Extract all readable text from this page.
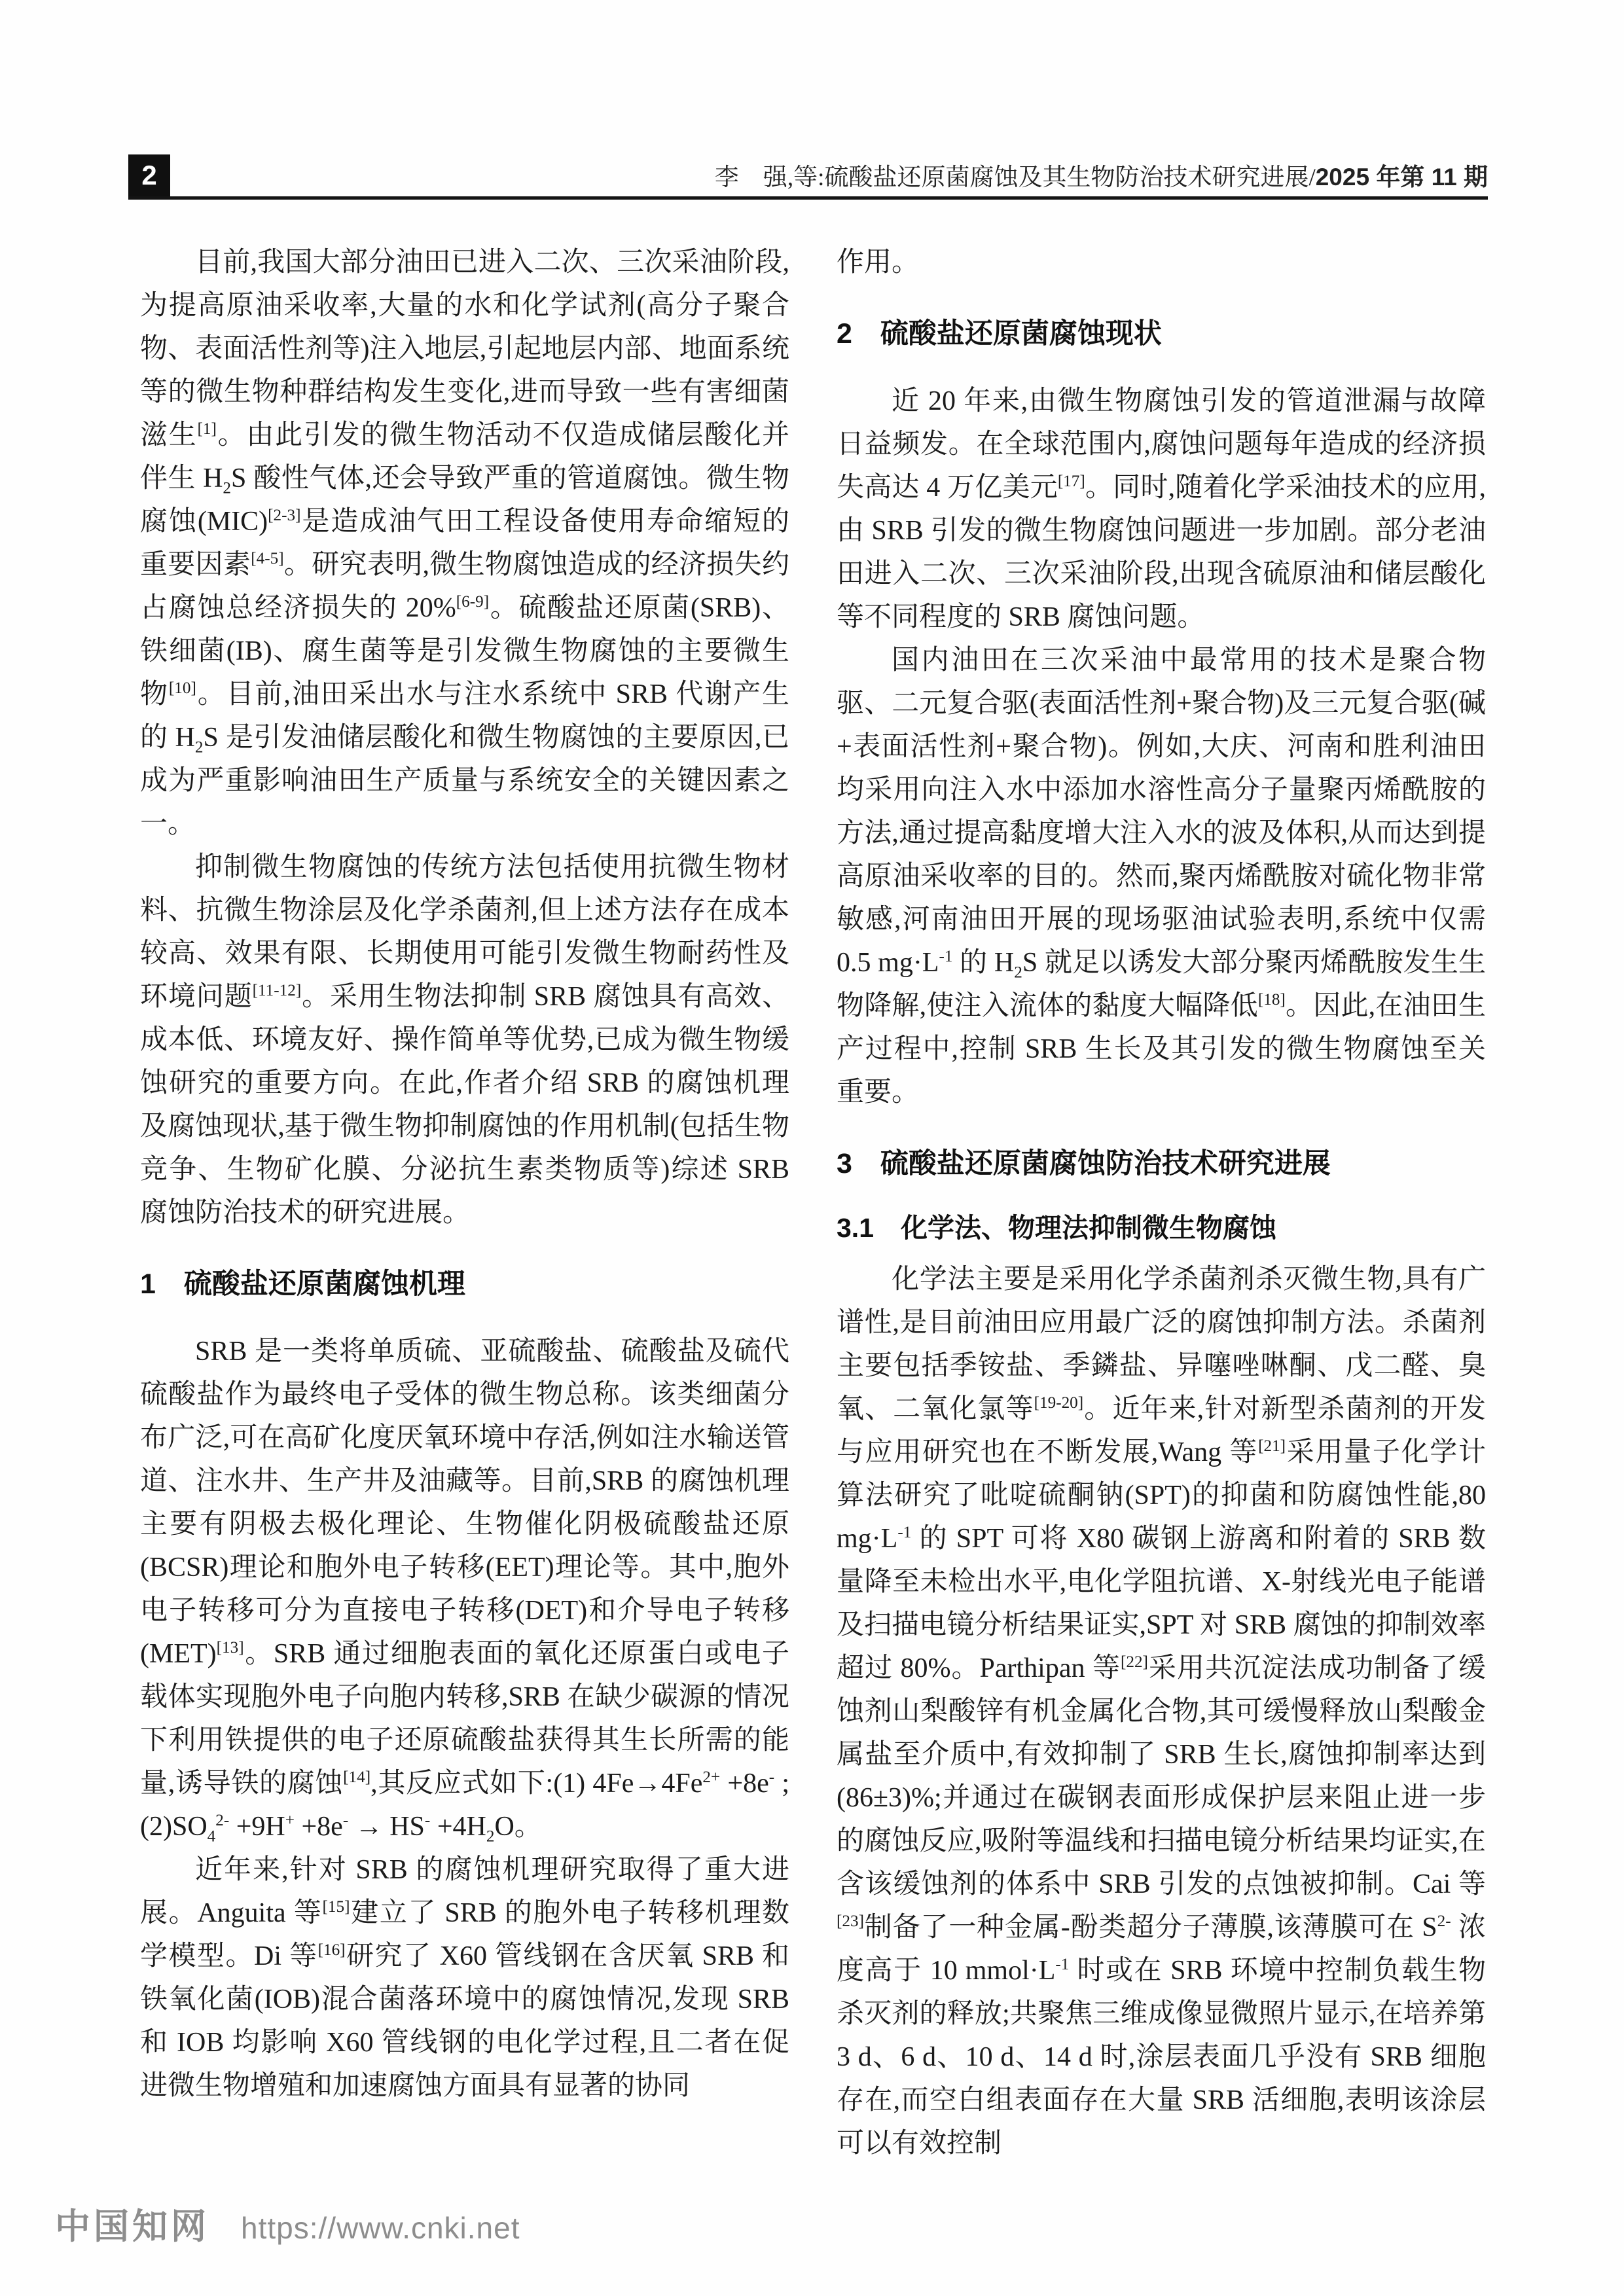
2	李　强,等:硫酸盐还原菌腐蚀及其生物防治技术研究进展/2025 年第 11 期

目前,我国大部分油田已进入二次、三次采油阶段,为提高原油采收率,大量的水和化学试剂(高分子聚合物、表面活性剂等)注入地层,引起地层内部、地面系统等的微生物种群结构发生变化,进而导致一些有害细菌滋生[1]。由此引发的微生物活动不仅造成储层酸化并伴生 $H_2S$ 酸性气体,还会导致严重的管道腐蚀。微生物腐蚀(MIC)[2-3]是造成油气田工程设备使用寿命缩短的重要因素[4-5]。研究表明,微生物腐蚀造成的经济损失约占腐蚀总经济损失的 20%[6-9]。硫酸盐还原菌(SRB)、铁细菌(IB)、腐生菌等是引发微生物腐蚀的主要微生物[10]。目前,油田采出水与注水系统中 SRB 代谢产生的 $H_2S$ 是引发油储层酸化和微生物腐蚀的主要原因,已成为严重影响油田生产质量与系统安全的关键因素之一。

抑制微生物腐蚀的传统方法包括使用抗微生物材料、抗微生物涂层及化学杀菌剂,但上述方法存在成本较高、效果有限、长期使用可能引发微生物耐药性及环境问题[11-12]。采用生物法抑制 SRB 腐蚀具有高效、成本低、环境友好、操作简单等优势,已成为微生物缓蚀研究的重要方向。在此,作者介绍 SRB 的腐蚀机理及腐蚀现状,基于微生物抑制腐蚀的作用机制(包括生物竞争、生物矿化膜、分泌抗生素类物质等)综述 SRB 腐蚀防治技术的研究进展。

1　硫酸盐还原菌腐蚀机理

SRB 是一类将单质硫、亚硫酸盐、硫酸盐及硫代硫酸盐作为最终电子受体的微生物总称。该类细菌分布广泛,可在高矿化度厌氧环境中存活,例如注水输送管道、注水井、生产井及油藏等。目前,SRB 的腐蚀机理主要有阴极去极化理论、生物催化阴极硫酸盐还原(BCSR)理论和胞外电子转移(EET)理论等。其中,胞外电子转移可分为直接电子转移(DET)和介导电子转移(MET)[13]。SRB 通过细胞表面的氧化还原蛋白或电子载体实现胞外电子向胞内转移,SRB 在缺少碳源的情况下利用铁提供的电子还原硫酸盐获得其生长所需的能量,诱导铁的腐蚀[14],其反应式如下:(1) $4Fe\to 4Fe^{2+} +8e^-$ $;(2)SO_4^{2-} +9H^+ +8e^- \to HS^- +4H_2O$。

近年来,针对 SRB 的腐蚀机理研究取得了重大进展。Anguita 等[15]建立了 SRB 的胞外电子转移机理数学模型。Di 等[16]研究了 X60 管线钢在含厌氧 SRB 和铁氧化菌(IOB)混合菌落环境中的腐蚀情况,发现 SRB 和 IOB 均影响 X60 管线钢的电化学过程,且二者在促进微生物增殖和加速腐蚀方面具有显著的协同

作用。

2　硫酸盐还原菌腐蚀现状

近 20 年来,由微生物腐蚀引发的管道泄漏与故障日益频发。在全球范围内,腐蚀问题每年造成的经济损失高达 4 万亿美元[17]。同时,随着化学采油技术的应用,由 SRB 引发的微生物腐蚀问题进一步加剧。部分老油田进入二次、三次采油阶段,出现含硫原油和储层酸化等不同程度的 SRB 腐蚀问题。

国内油田在三次采油中最常用的技术是聚合物驱、二元复合驱(表面活性剂+聚合物)及三元复合驱(碱+表面活性剂+聚合物)。例如,大庆、河南和胜利油田均采用向注入水中添加水溶性高分子量聚丙烯酰胺的方法,通过提高黏度增大注入水的波及体积,从而达到提高原油采收率的目的。然而,聚丙烯酰胺对硫化物非常敏感,河南油田开展的现场驱油试验表明,系统中仅需 0.5 $mg\cdot L^{-1}$ 的 $H_2S$ 就足以诱发大部分聚丙烯酰胺发生生物降解,使注入流体的黏度大幅降低[18]。因此,在油田生产过程中,控制 SRB 生长及其引发的微生物腐蚀至关重要。

3　硫酸盐还原菌腐蚀防治技术研究进展
3.1　化学法、物理法抑制微生物腐蚀

化学法主要是采用化学杀菌剂杀灭微生物,具有广谱性,是目前油田应用最广泛的腐蚀抑制方法。杀菌剂主要包括季铵盐、季鏻盐、异噻唑啉酮、戊二醛、臭氧、二氧化氯等[19-20]。近年来,针对新型杀菌剂的开发与应用研究也在不断发展,Wang 等[21]采用量子化学计算法研究了吡啶硫酮钠(SPT)的抑菌和防腐蚀性能,80 $mg\cdot L^{-1}$ 的 SPT 可将 X80 碳钢上游离和附着的 SRB 数量降至未检出水平,电化学阻抗谱、X-射线光电子能谱及扫描电镜分析结果证实,SPT 对 SRB 腐蚀的抑制效率超过 80%。Parthipan 等[22]采用共沉淀法成功制备了缓蚀剂山梨酸锌有机金属化合物,其可缓慢释放山梨酸金属盐至介质中,有效抑制了 SRB 生长,腐蚀抑制率达到(86±3)%;并通过在碳钢表面形成保护层来阻止进一步的腐蚀反应,吸附等温线和扫描电镜分析结果均证实,在含该缓蚀剂的体系中 SRB 引发的点蚀被抑制。Cai 等[23]制备了一种金属-酚类超分子薄膜,该薄膜可在 $S^{2-}$ 浓度高于 10 $mmol\cdot L^{-1}$ 时或在 SRB 环境中控制负载生物杀灭剂的释放;共聚焦三维成像显微照片显示,在培养第 3 d、6 d、10 d、14 d 时,涂层表面几乎没有 SRB 细胞存在,而空白组表面存在大量 SRB 活细胞,表明该涂层可以有效控制

中国知网 https://www.cnki.net
